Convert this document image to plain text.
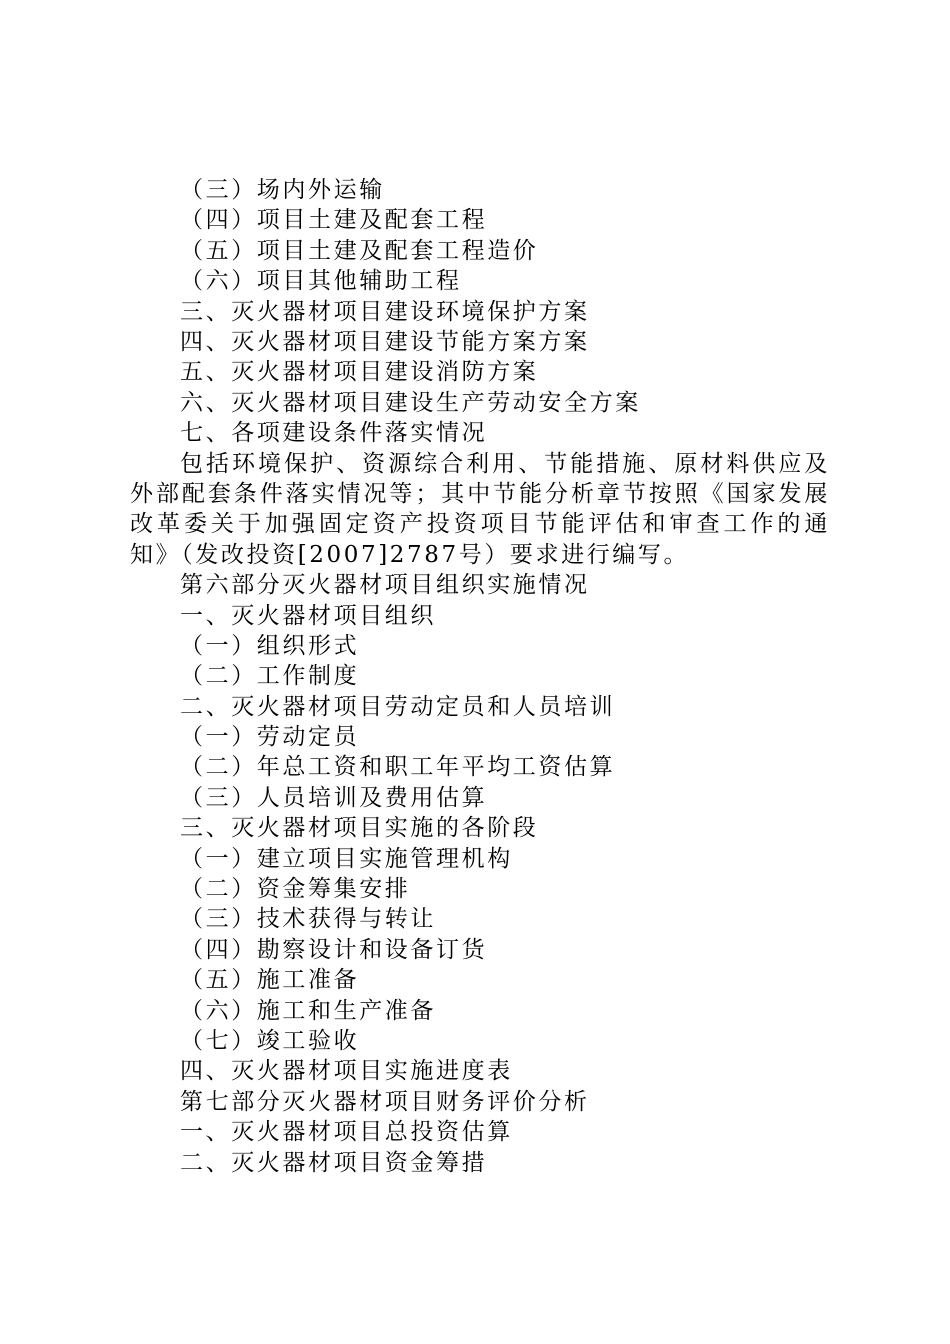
（三）场内外运输
（四）项目土建及配套工程
（五）项目土建及配套工程造价
（六）项目其他辅助工程
三、灭火器材项目建设环境保护方案
四、灭火器材项目建设节能方案方案
五、灭火器材项目建设消防方案
六、灭火器材项目建设生产劳动安全方案
七、各项建设条件落实情况
包括环境保护、资源综合利用、节能措施、原材料供应及外部配套条件落实情况等；其中节能分析章节按照《国家发展改革委关于加强固定资产投资项目节能评估和审查工作的通知》（发改投资[2007]2787号）要求进行编写。
第六部分灭火器材项目组织实施情况
一、灭火器材项目组织
（一）组织形式
（二）工作制度
二、灭火器材项目劳动定员和人员培训
（一）劳动定员
（二）年总工资和职工年平均工资估算
（三）人员培训及费用估算
三、灭火器材项目实施的各阶段
（一）建立项目实施管理机构
（二）资金筹集安排
（三）技术获得与转让
（四）勘察设计和设备订货
（五）施工准备
（六）施工和生产准备
（七）竣工验收
四、灭火器材项目实施进度表
第七部分灭火器材项目财务评价分析
一、灭火器材项目总投资估算
二、灭火器材项目资金筹措
